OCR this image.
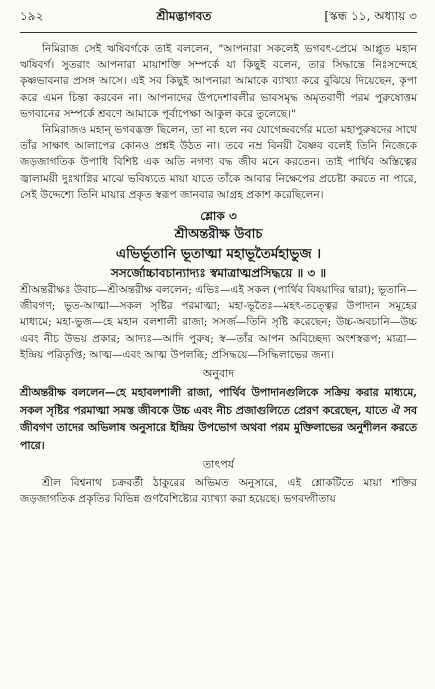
১৯২	শ্রীমদ্ভাগবত	[স্কন্ধ ১১, অধ্যায় ৩

নিমিরাজ সেই ঋষিবর্গকে তাই বললেন, "আপনারা সকলেই ভগবৎ-প্রেমে আপ্লুত মহান ঋষিবর্গ। সুতরাং আপনারা মায়াশক্তি সম্পর্কে যা কিছুই বলেন, তার সিদ্ধান্তে নিঃসন্দেহে কৃষ্ণভাবনার প্রসঙ্গ আসে। এই সব কিছুই আপনারা আমাকে ব্যাখ্যা করে বুঝিয়ে দিয়েছেন, কৃপা করে এমন চিন্তা করবেন না। আপনাদের উপদেশাবলীর ভাবসমৃদ্ধ অমৃতবাণী পরম পুরুষোত্তম ভগবানের সম্পর্কে শ্রবণে আমাকে পূর্বাপেক্ষা আকুল করে তুলেছে।"

নিমিরাজও মহান্ ভগবদ্ভক্ত ছিলেন, তা না হলে নব যোগেন্দ্রবর্গের মতো মহাপুরুষদের সাথে তাঁর সাক্ষাৎ আলাপের কোনও প্রশ্নই উঠত না। তবে নম্র বিনয়ী বৈষ্ণব বলেই তিনি নিজেকে জড়জাগতিক উপাধি বিশিষ্ট এক অতি নগণ্য বদ্ধ জীব মনে করতেন। তাই পার্থিব অস্তিত্বের জ্বালাময়ী দুঃখাগ্নির মাঝে ভবিষ্যতে মায়া যাতে তাঁকে আবার নিক্ষেপের প্রচেষ্টা করতে না পারে, সেই উদ্দেশ্যে তিনি মায়ার প্রকৃত স্বরূপ জানবার আগ্রহ প্রকাশ করেছিলেন।

শ্লোক ৩
শ্রীঅন্তরীক্ষ উবাচ
এভির্ভূতানি ভূতাত্মা মহাভূতৈর্মহাভুজ ।
সসর্জোচ্চাবচান্যাদ্যঃ স্বমাত্রাত্মপ্রসিদ্ধয়ে ॥ ৩ ॥

শ্রীঅন্তরীক্ষঃ উবাচ—শ্রীঅন্তরীক্ষ বললেন; এভিঃ—এই সকল (পার্থিব বিষয়াদির দ্বারা); ভূতানি—জীবগণ; ভূত-আত্মা—সকল সৃষ্টির পরমাত্মা; মহা-ভূতৈঃ—মহৎ-তত্ত্বের উপাদান সমূহের মাধ্যমে; মহা-ভুজ—হে মহান বলশালী রাজা; সসর্জ—তিনি সৃষ্টি করেছেন; উচ্চ-অবচানি—উচ্চ এবং নীচ উভয় প্রকার; আদ্যঃ—আদি পুরুষ; স্ব—তাঁর আপন অবিচ্ছেদ্য অংশস্বরূপ; মাত্রা—ইন্দ্রিয় পরিতৃপ্তি; আত্ম—এবং আত্ম উপলব্ধি; প্রসিদ্ধয়ে—সিদ্ধিলাভের জন্য।

অনুবাদ

শ্রীঅন্তরীক্ষ বললেন—হে মহাবলশালী রাজা, পার্থিব উপাদানগুলিকে সক্রিয় করার মাধ্যমে, সকল সৃষ্টির পরমাত্মা সমস্ত জীবকে উচ্চ এবং নীচ প্রজাগুলিতে প্রেরণ করেছেন, যাতে ঐ সব জীবগণ তাদের অভিলাষ অনুসারে ইন্দ্রিয় উপভোগ অথবা পরম মুক্তিলাভের অনুশীলন করতে পারে।

তাৎপর্য

শ্রীল বিশ্বনাথ চক্রবর্তী ঠাকুরের অভিমত অনুসারে, এই শ্লোকটিতে মায়া শক্তির জড়জাগতিক প্রকৃতির বিভিন্ন গুণবৈশিষ্ট্যের ব্যাখ্যা করা হয়েছে। ভগবদ্গীতায়
